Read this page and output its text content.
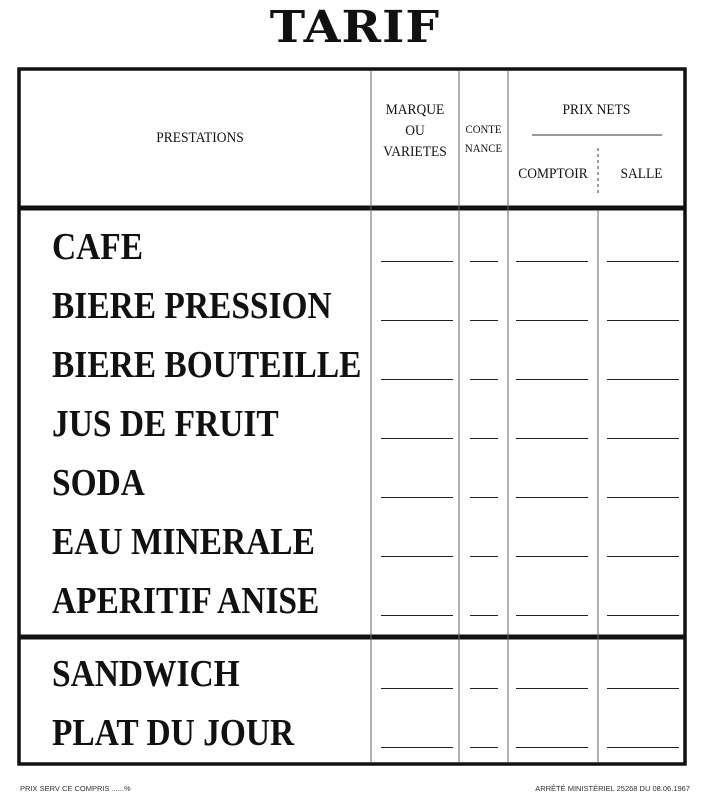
TARIF
PRESTATIONS
MARQUE
OU
VARIETES
CONTE
NANCE
PRIX NETS
COMPTOIR	SALLE
CAFE
BIERE PRESSION
BIERE BOUTEILLE
JUS DE FRUIT
SODA
EAU MINERALE
APERITIF ANISE
SANDWICH
PLAT DU JOUR
PRIX SERV CE COMPRIS ......%	ARRÊTÉ MINISTÉRIEL 25268 DU 08.06.1967
